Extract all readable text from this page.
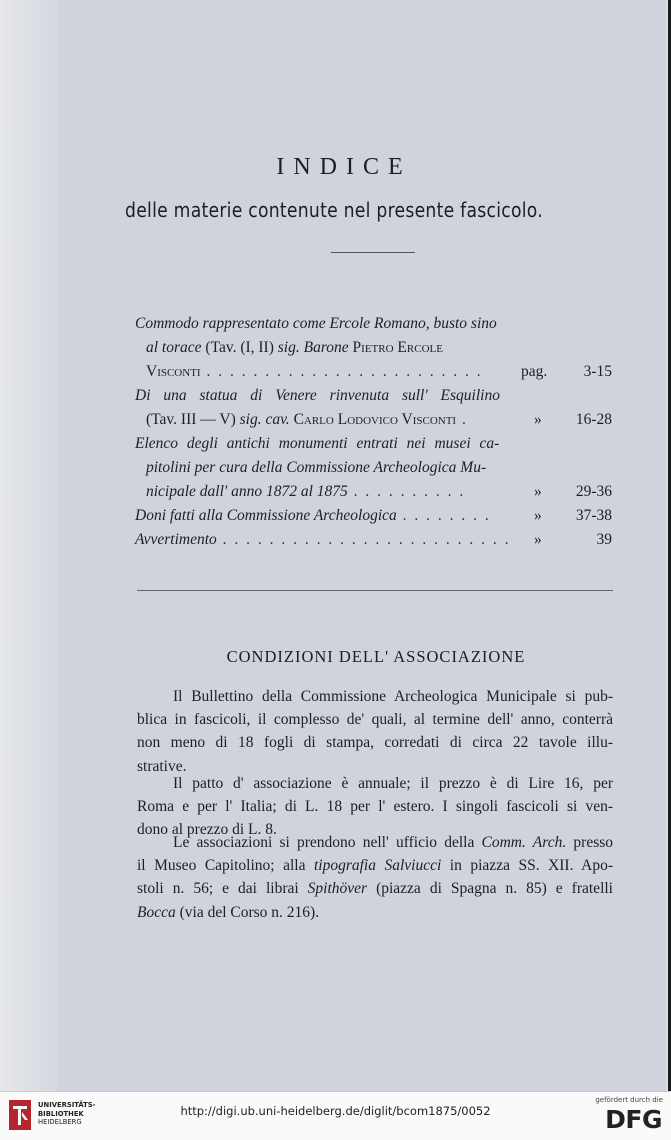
INDICE
delle materie contenute nel presente fascicolo.
Commodo rappresentato come Ercole Romano, busto sino
al torace (Tav. (I, II) sig. Barone Pietro Ercole
Visconti . . . . . . . . . . . . . . . . . . . . . . . . pag.	3-15
Di una statua di Venere rinvenuta sull' Esquilino
(Tav. III — V) sig. cav. Carlo Lodovico Visconti .	»	16-28
Elenco degli antichi monumenti entrati nei musei ca-
pitolini per cura della Commissione Archeologica Mu-
nicipale dall' anno 1872 al 1875 . . . . . . . . . .	»	29-36
Doni fatti alla Commissione Archeologica . . . . . . . .	»	37-38
Avvertimento . . . . . . . . . . . . . . . . . . . . . . . . . »	39
CONDIZIONI DELL' ASSOCIAZIONE
Il Bullettino della Commissione Archeologica Municipale si pub-
blica in fascicoli, il complesso de' quali, al termine dell' anno, conterrà
non meno di 18 fogli di stampa, corredati di circa 22 tavole illu-
strative.
Il patto d' associazione è annuale; il prezzo è di Lire 16, per
Roma e per l' Italia; di L. 18 per l' estero. I singoli fascicoli si ven-
dono al prezzo di L. 8.
Le associazioni si prendono nell' ufficio della Comm. Arch. presso
il Museo Capitolino; alla tipografia Salviucci in piazza SS. XII. Apo-
stoli n. 56; e dai librai Spithöver (piazza di Spagna n. 85) e fratelli
Bocca (via del Corso n. 216).
UNIVERSITÄTS-
BIBLIOTHEK
HEIDELBERG
http://digi.ub.uni-heidelberg.de/diglit/bcom1875/0052
gefördert durch die
DFG
